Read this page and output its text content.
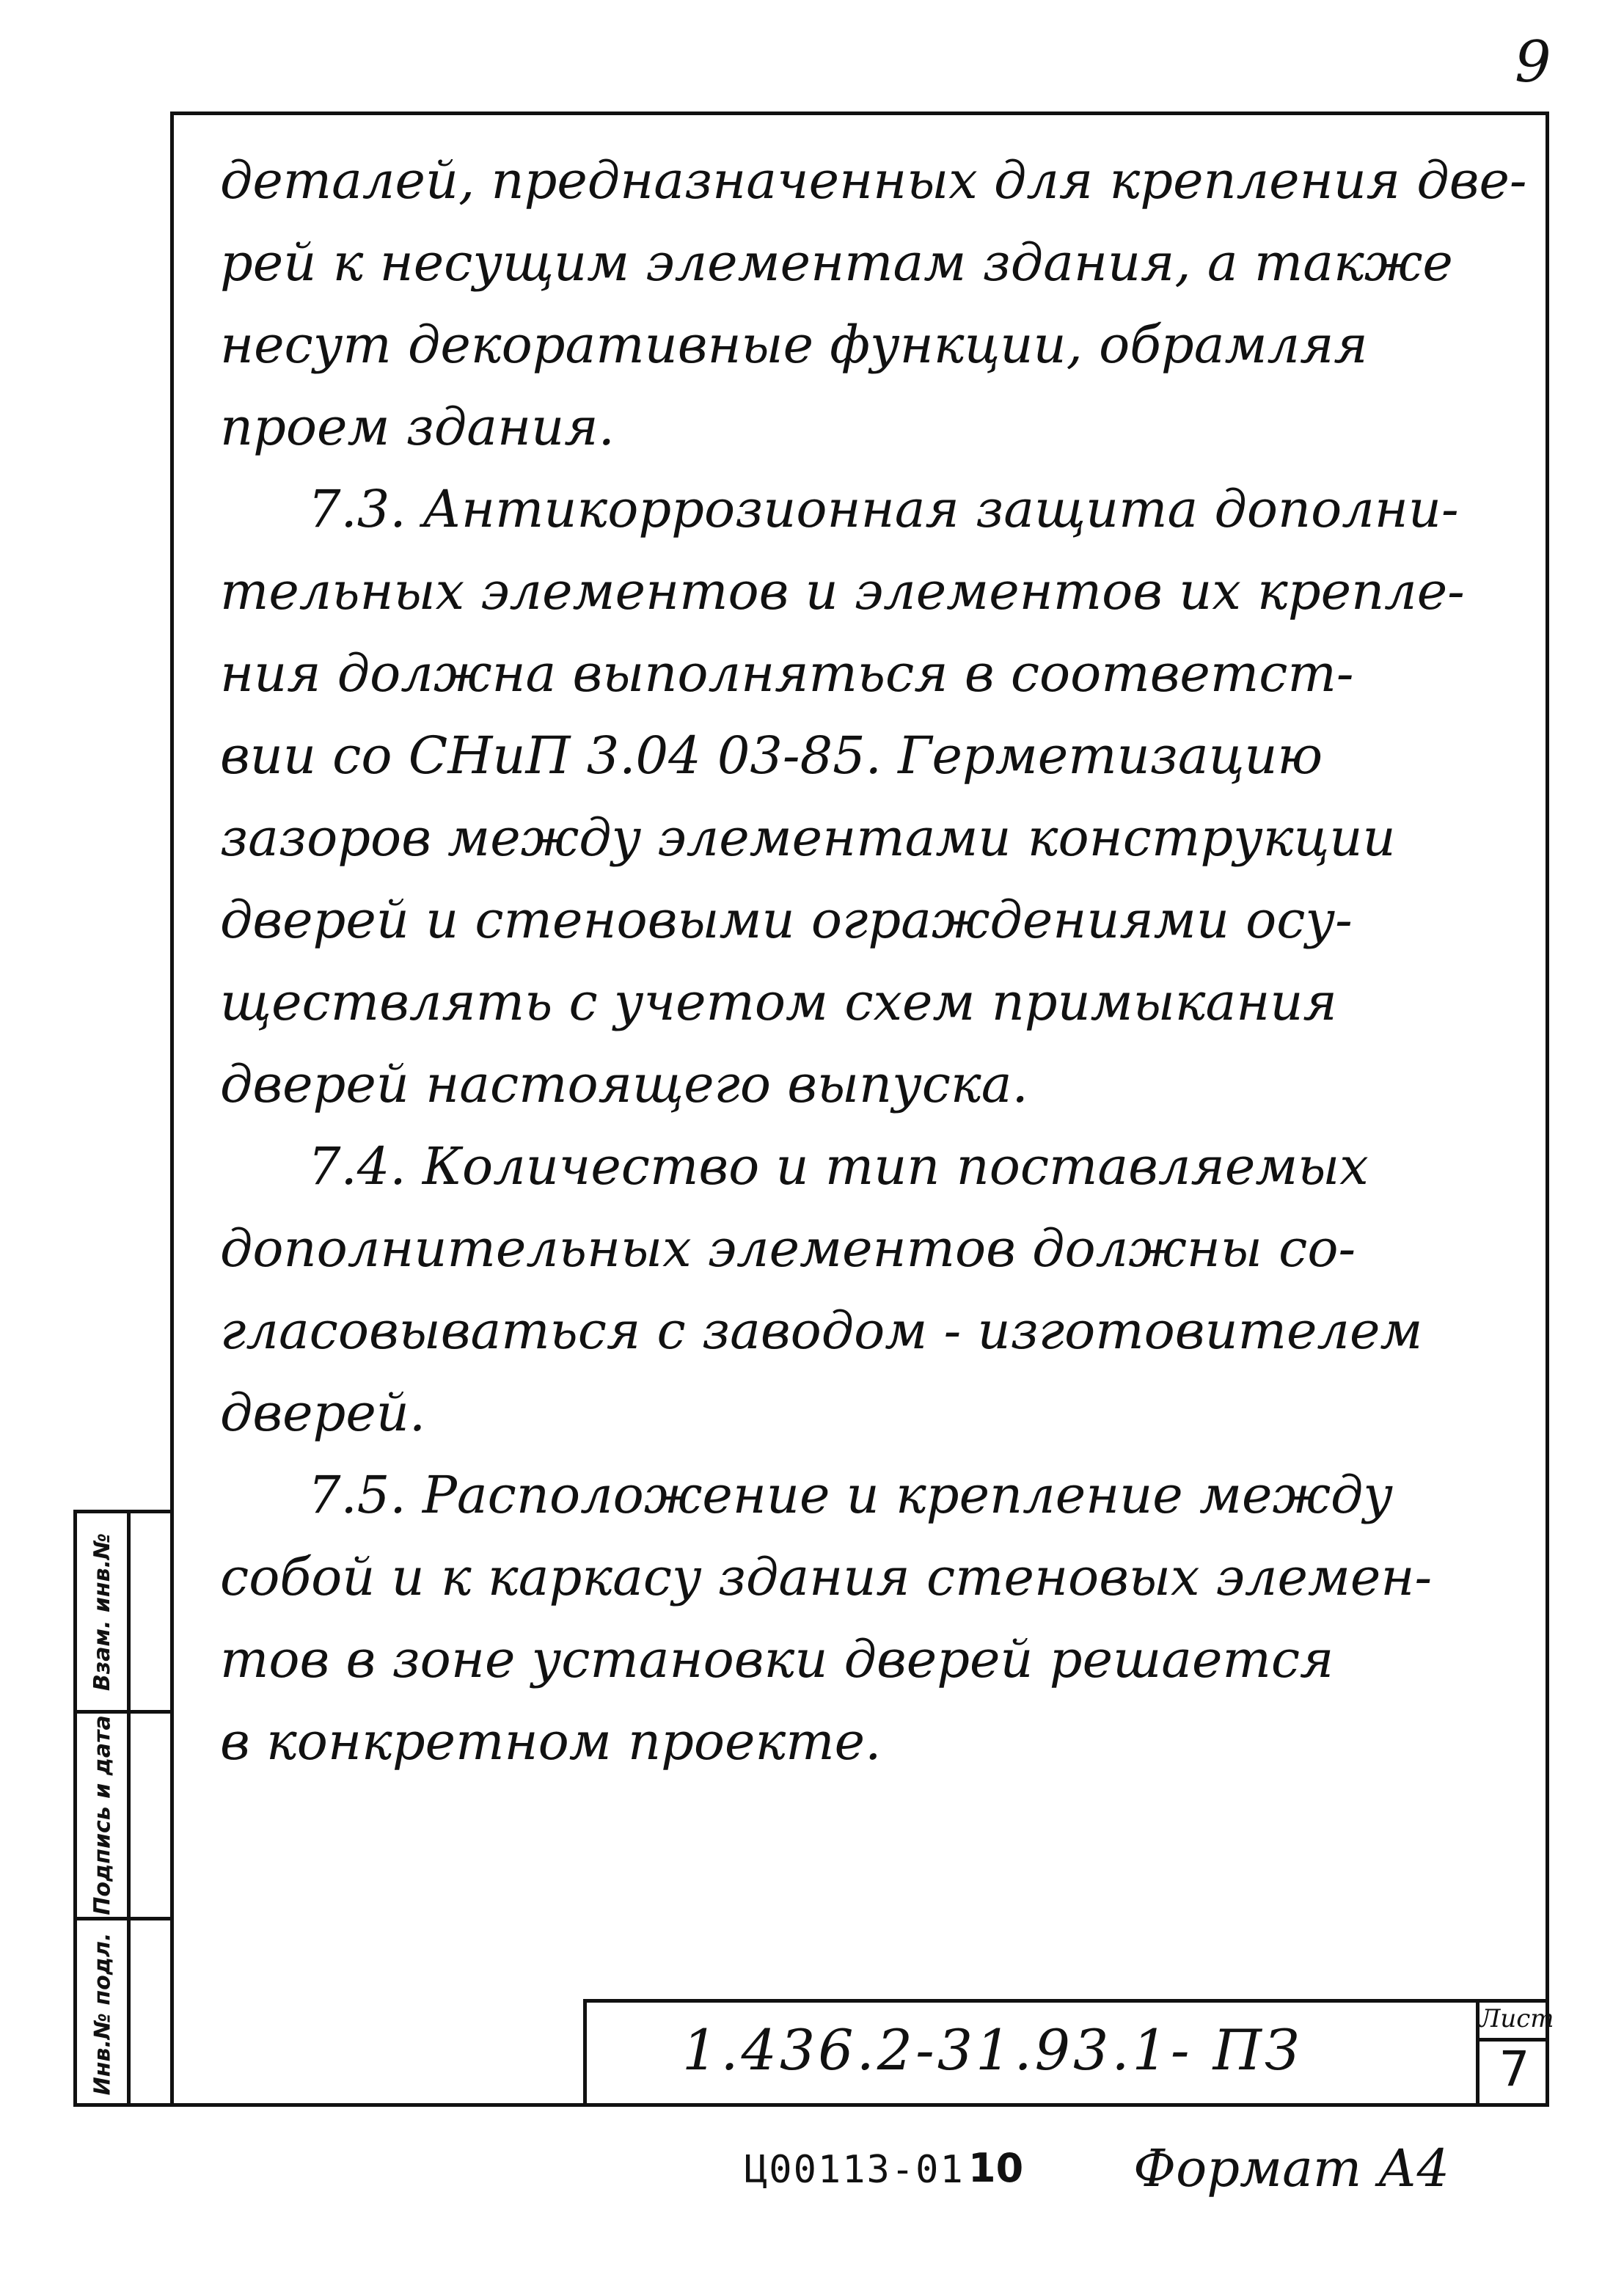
9
деталей, предназначенных для крепления две-
рей к несущим элементам здания, а также
несут декоративные функции, обрамляя
проем здания.
7.3. Антикоррозионная защита дополни-
тельных элементов и элементов их крепле-
ния должна выполняться в соответст-
вии со СНиП 3.04 03-85. Герметизацию
зазоров между элементами конструкции
дверей и стеновыми ограждениями осу-
ществлять с учетом схем примыкания
дверей настоящего выпуска.
7.4. Количество и тип поставляемых
дополнительных элементов должны со-
гласовываться с заводом - изготовителем
дверей.
7.5. Расположение и крепление между
собой и к каркасу здания стеновых элемен-
тов в зоне установки дверей решается
в конкретном проекте.
Взам. инв.№
Подпись и дата
Инв.№ подл.	1.436.2-31.93.1- ПЗ	Лист
7
Ц00113-01 10 Формат А4
